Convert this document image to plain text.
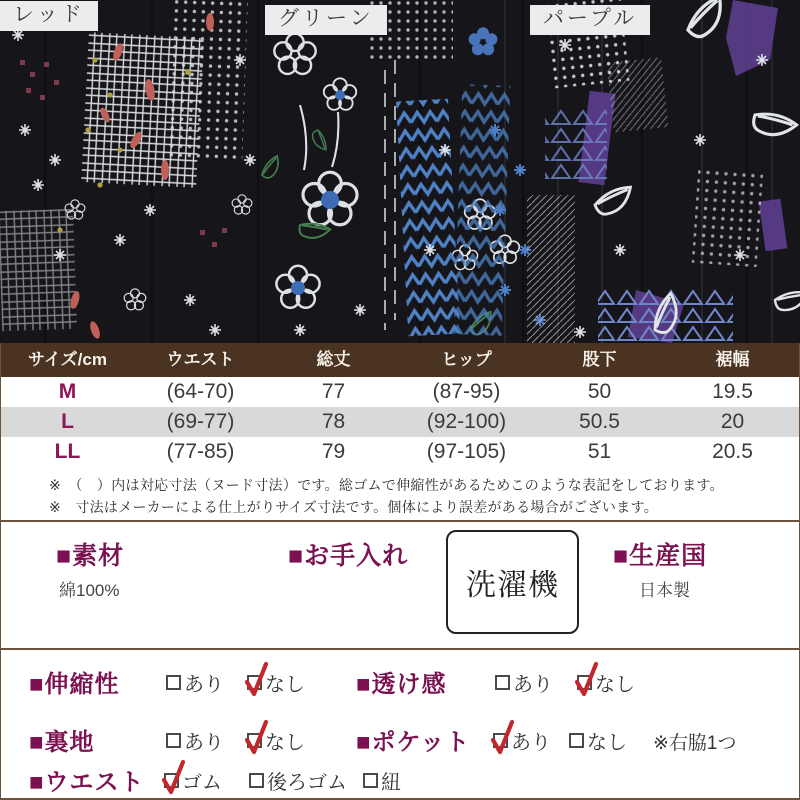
レッド	グリーン	パープル
サイズ/cm	ウエスト	総丈	ヒップ	股下	裾幅
M	(64-70)	77	(87-95)	50	19.5
L	(69-77)	78	(92-100)	50.5	20
LL	(77-85)	79	(97-105)	51	20.5
※　（　）内は対応寸法（ヌード寸法）です。総ゴムで伸縮性があるためこのような表記をしております。
※　寸法はメーカーによる仕上がりサイズ寸法です。個体により誤差がある場合がございます。
■素材
綿100%
■お手入れ
洗濯機
■生産国
日本製
■伸縮性	あり なし ■透け感	あり なし
■裏地	あり なし ■ポケット あり なし ※右脇1つ
■ウエスト ゴム 後ろゴム 紐
